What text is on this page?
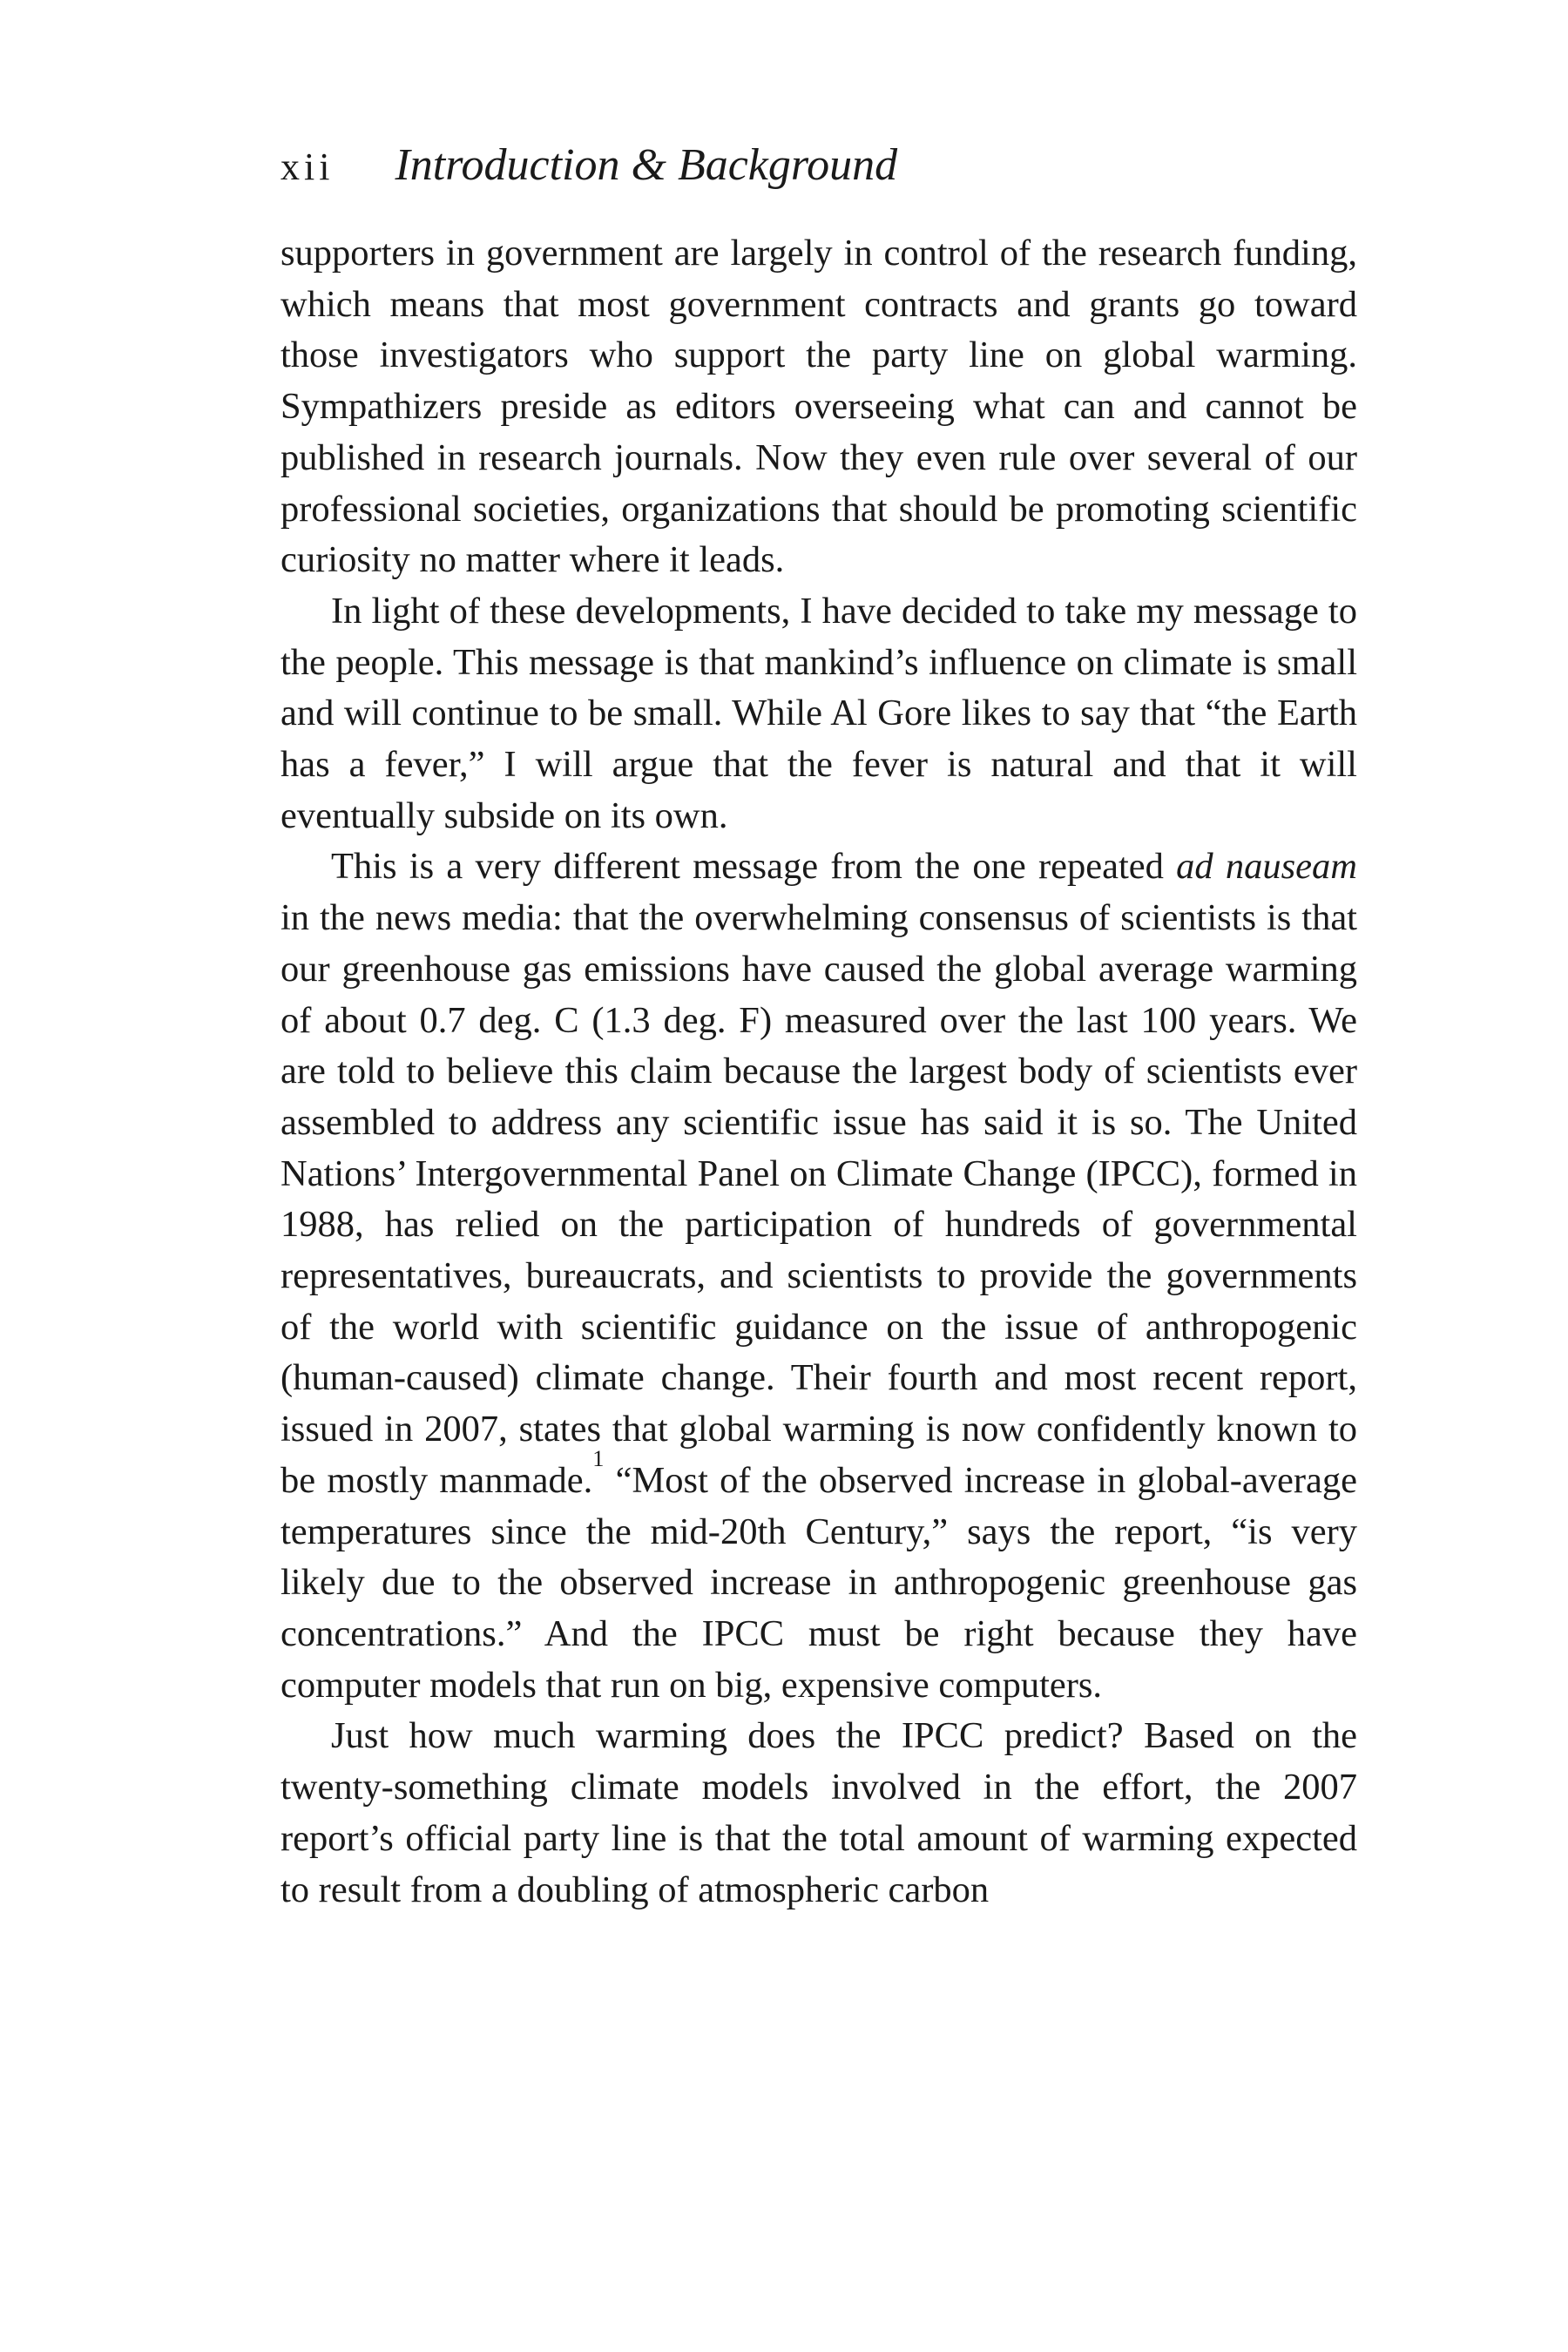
xii Introduction & Background

supporters in government are largely in control of the research funding, which means that most government contracts and grants go toward those investigators who support the party line on global warming. Sympathizers preside as editors overseeing what can and cannot be published in research journals. Now they even rule over several of our professional societies, organizations that should be promoting scientific curiosity no matter where it leads.

In light of these developments, I have decided to take my message to the people. This message is that mankind’s influence on climate is small and will continue to be small. While Al Gore likes to say that “the Earth has a fever,” I will argue that the fever is natural and that it will eventually subside on its own.

This is a very different message from the one repeated ad nauseam in the news media: that the overwhelming consensus of scientists is that our greenhouse gas emissions have caused the global average warming of about 0.7 deg. C (1.3 deg. F) measured over the last 100 years. We are told to believe this claim because the largest body of scientists ever assembled to address any scientific issue has said it is so. The United Nations’ Intergovernmental Panel on Climate Change (IPCC), formed in 1988, has relied on the participation of hundreds of governmental representatives, bureaucrats, and scientists to provide the governments of the world with scientific guidance on the issue of anthropogenic (human-caused) climate change. Their fourth and most recent report, issued in 2007, states that global warming is now confidently known to be mostly manmade.$^1$ “Most of the observed increase in global-average temperatures since the mid-20th Century,” says the report, “is very likely due to the observed increase in anthropogenic greenhouse gas concentrations.” And the IPCC must be right because they have computer models that run on big, expensive computers.

Just how much warming does the IPCC predict? Based on the twenty-something climate models involved in the effort, the 2007 report’s official party line is that the total amount of warming expected to result from a doubling of atmospheric carbon
